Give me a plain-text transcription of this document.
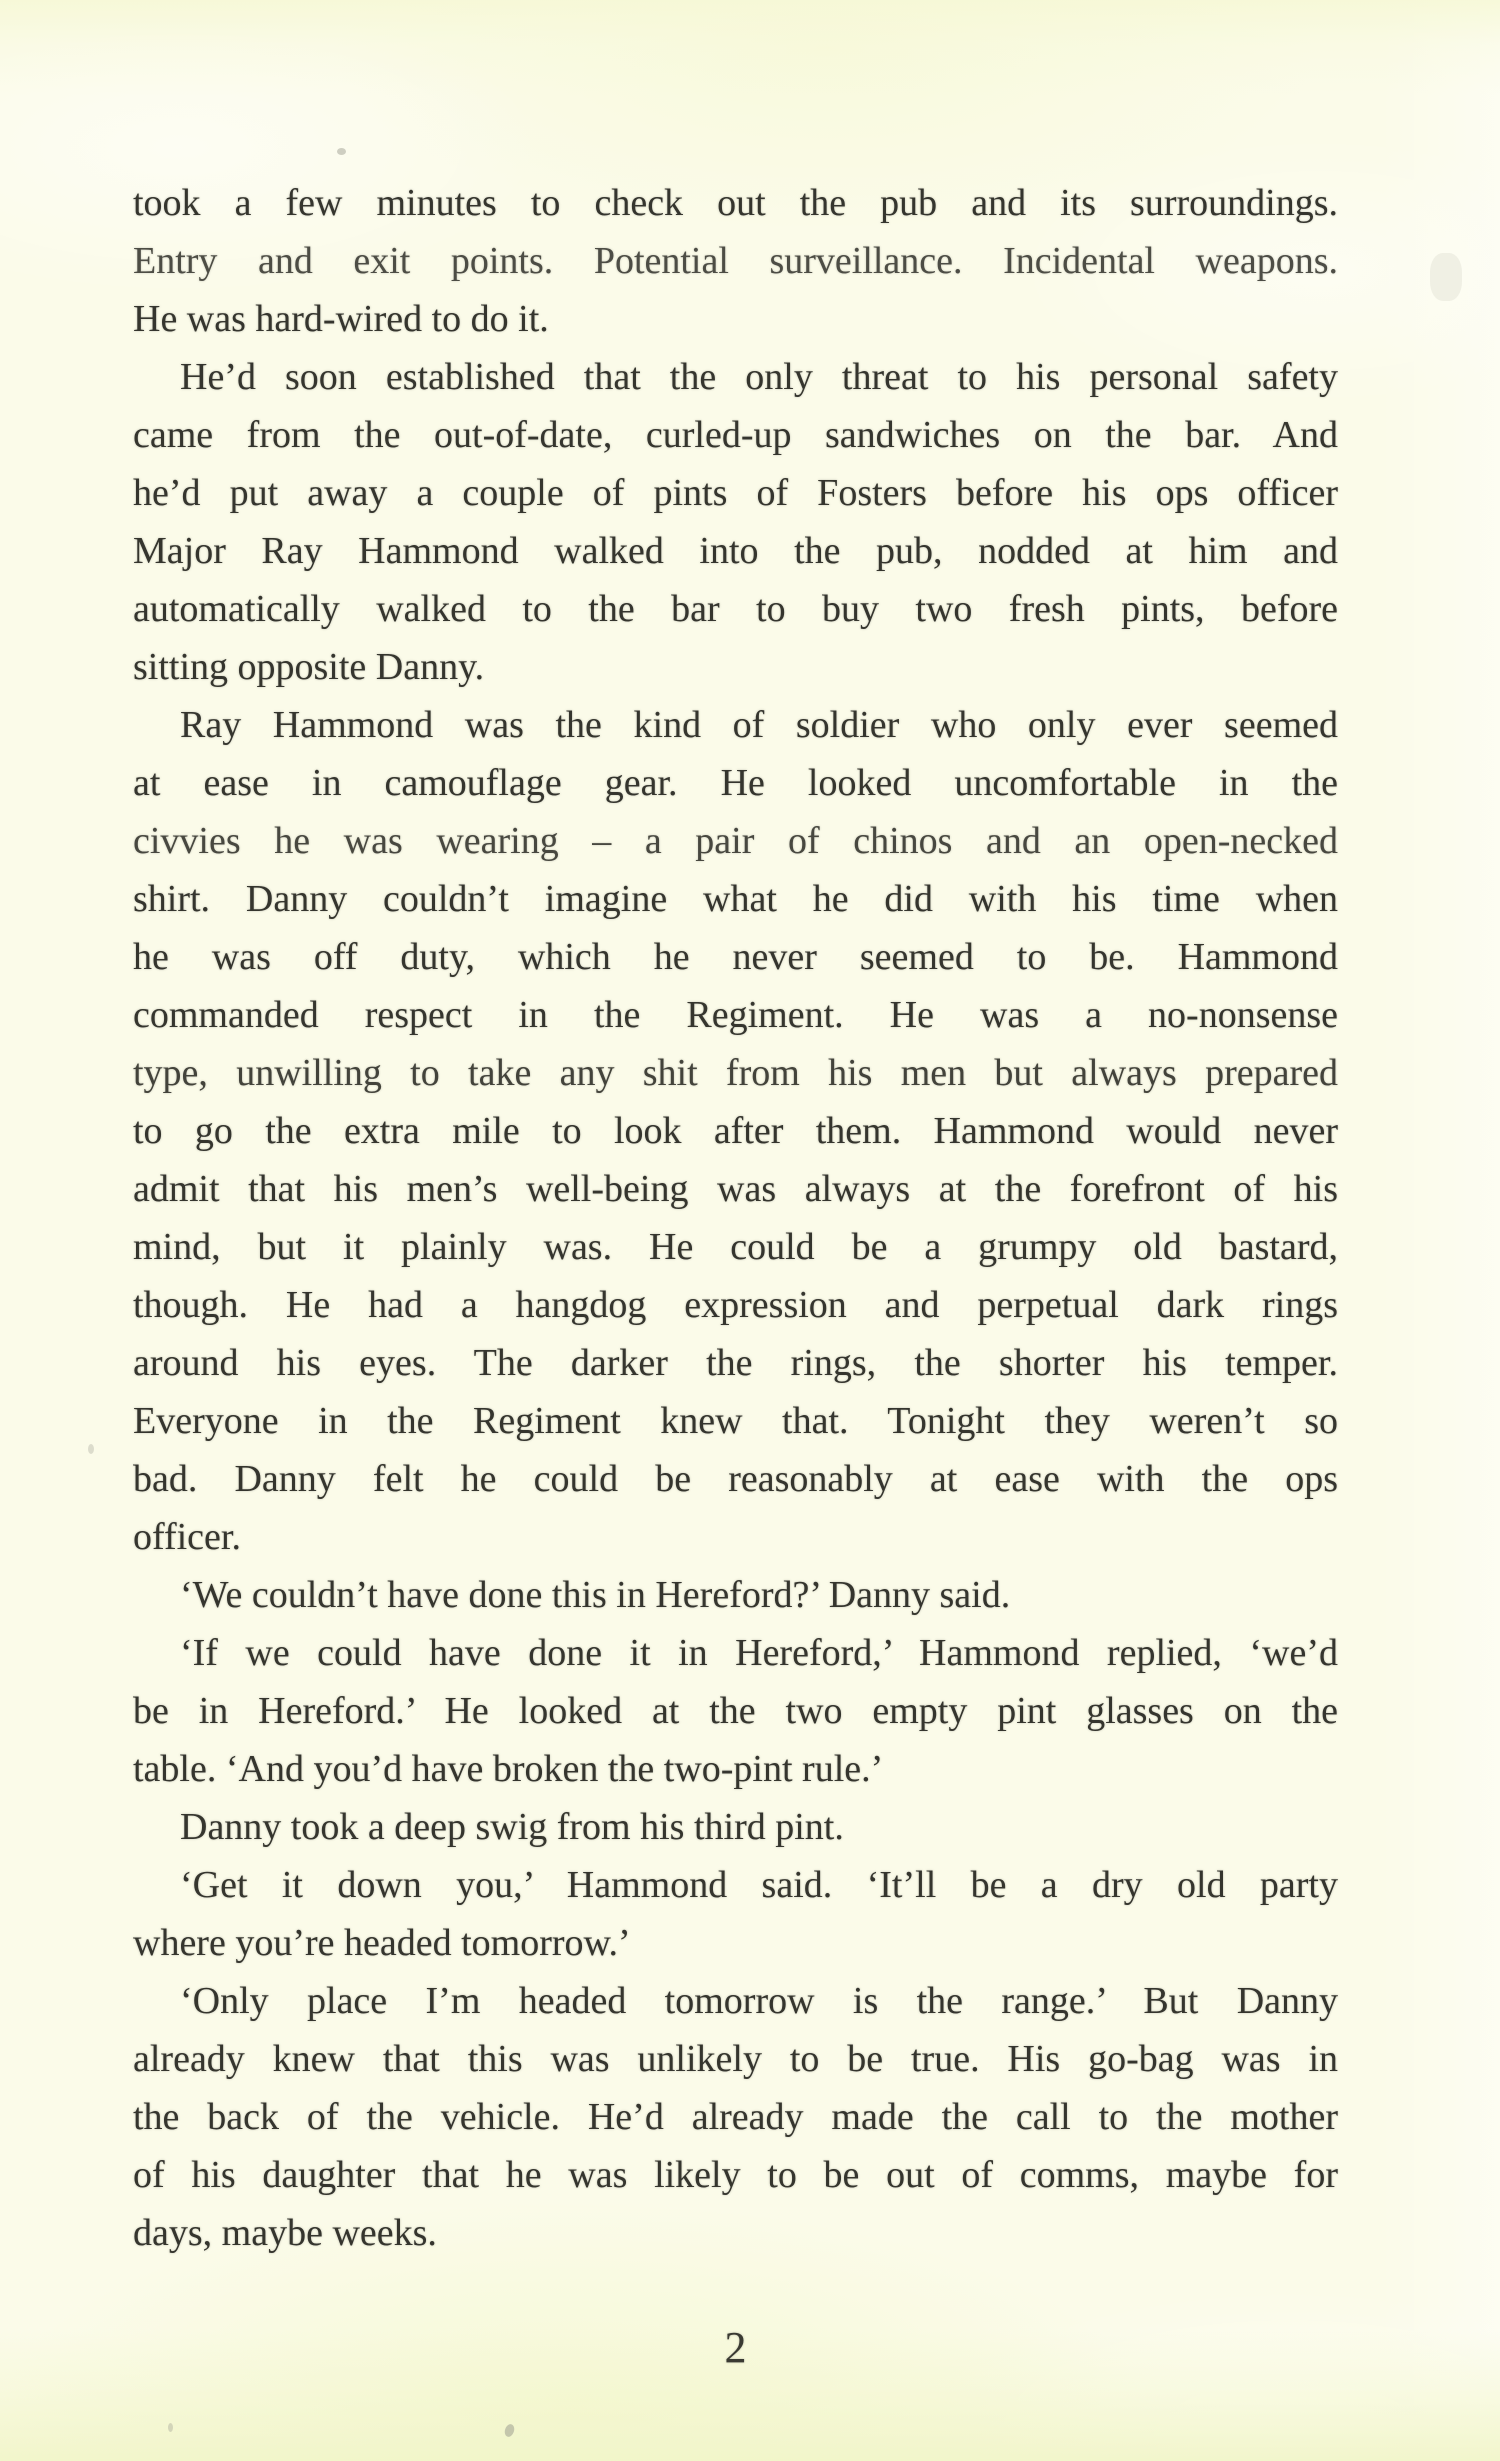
took a few minutes to check out the pub and its surroundings.
Entry and exit points. Potential surveillance. Incidental weapons.
He was hard-wired to do it.
He’d soon established that the only threat to his personal safety
came from the out-of-date, curled-up sandwiches on the bar. And
he’d put away a couple of pints of Fosters before his ops officer
Major Ray Hammond walked into the pub, nodded at him and
automatically walked to the bar to buy two fresh pints, before
sitting opposite Danny.
Ray Hammond was the kind of soldier who only ever seemed
at ease in camouflage gear. He looked uncomfortable in the
civvies he was wearing – a pair of chinos and an open-necked
shirt. Danny couldn’t imagine what he did with his time when
he was off duty, which he never seemed to be. Hammond
commanded respect in the Regiment. He was a no-nonsense
type, unwilling to take any shit from his men but always prepared
to go the extra mile to look after them. Hammond would never
admit that his men’s well-being was always at the forefront of his
mind, but it plainly was. He could be a grumpy old bastard,
though. He had a hangdog expression and perpetual dark rings
around his eyes. The darker the rings, the shorter his temper.
Everyone in the Regiment knew that. Tonight they weren’t so
bad. Danny felt he could be reasonably at ease with the ops
officer.
‘We couldn’t have done this in Hereford?’ Danny said.
‘If we could have done it in Hereford,’ Hammond replied, ‘we’d
be in Hereford.’ He looked at the two empty pint glasses on the
table. ‘And you’d have broken the two-pint rule.’
Danny took a deep swig from his third pint.
‘Get it down you,’ Hammond said. ‘It’ll be a dry old party
where you’re headed tomorrow.’
‘Only place I’m headed tomorrow is the range.’ But Danny
already knew that this was unlikely to be true. His go-bag was in
the back of the vehicle. He’d already made the call to the mother
of his daughter that he was likely to be out of comms, maybe for
days, maybe weeks.
2
